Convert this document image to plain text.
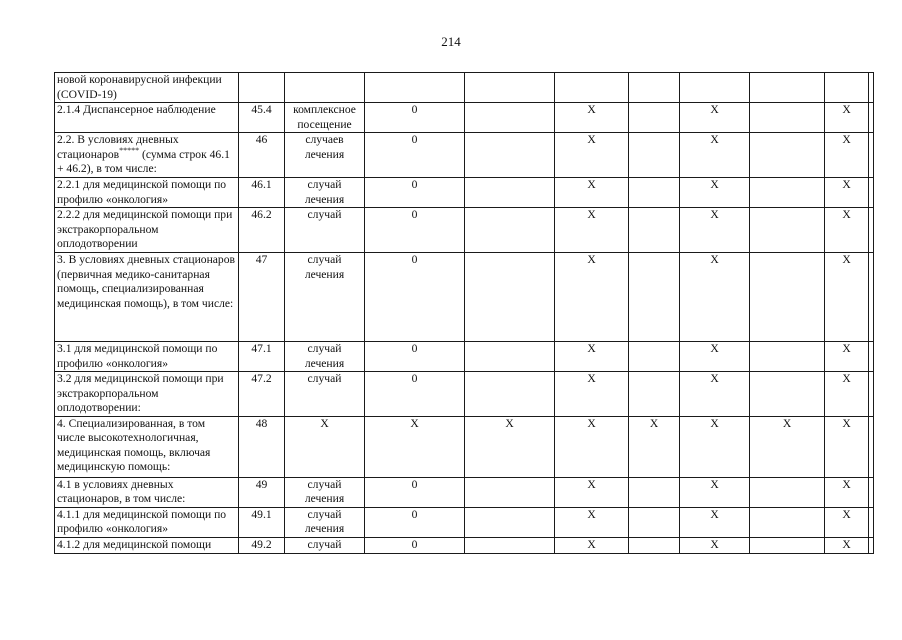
214
новой коронавирусной инфекции (COVID-19)										
2.1.4 Диспансерное наблюдение	45.4	комплексное посещение	0		X		X		X	
2.2. В условиях дневных стационаров***** (сумма строк 46.1 + 46.2), в том числе:	46	случаев лечения	0		X		X		X	
2.2.1 для медицинской помощи по профилю «онкология»	46.1	случай лечения	0		X		X		X	
2.2.2 для медицинской помощи при экстракорпоральном оплодотворении	46.2	случай	0		X		X		X	
3. В условиях дневных стационаров (первичная медико-санитарная помощь, специализированная медицинская помощь), в том числе:	47	случай лечения	0		X		X		X	
3.1 для медицинской помощи по профилю «онкология»	47.1	случай лечения	0		X		X		X	
3.2 для медицинской помощи при экстракорпоральном оплодотворении:	47.2	случай	0		X		X		X	
4. Специализированная, в том числе высокотехнологичная, медицинская помощь, включая медицинскую помощь:	48	X	X	X	X	X	X	X	X	
4.1 в условиях дневных стационаров, в том числе:	49	случай лечения	0		X		X		X	
4.1.1 для медицинской помощи по профилю «онкология»	49.1	случай лечения	0		X		X		X	
4.1.2 для медицинской помощи	49.2	случай	0		X		X		X	
